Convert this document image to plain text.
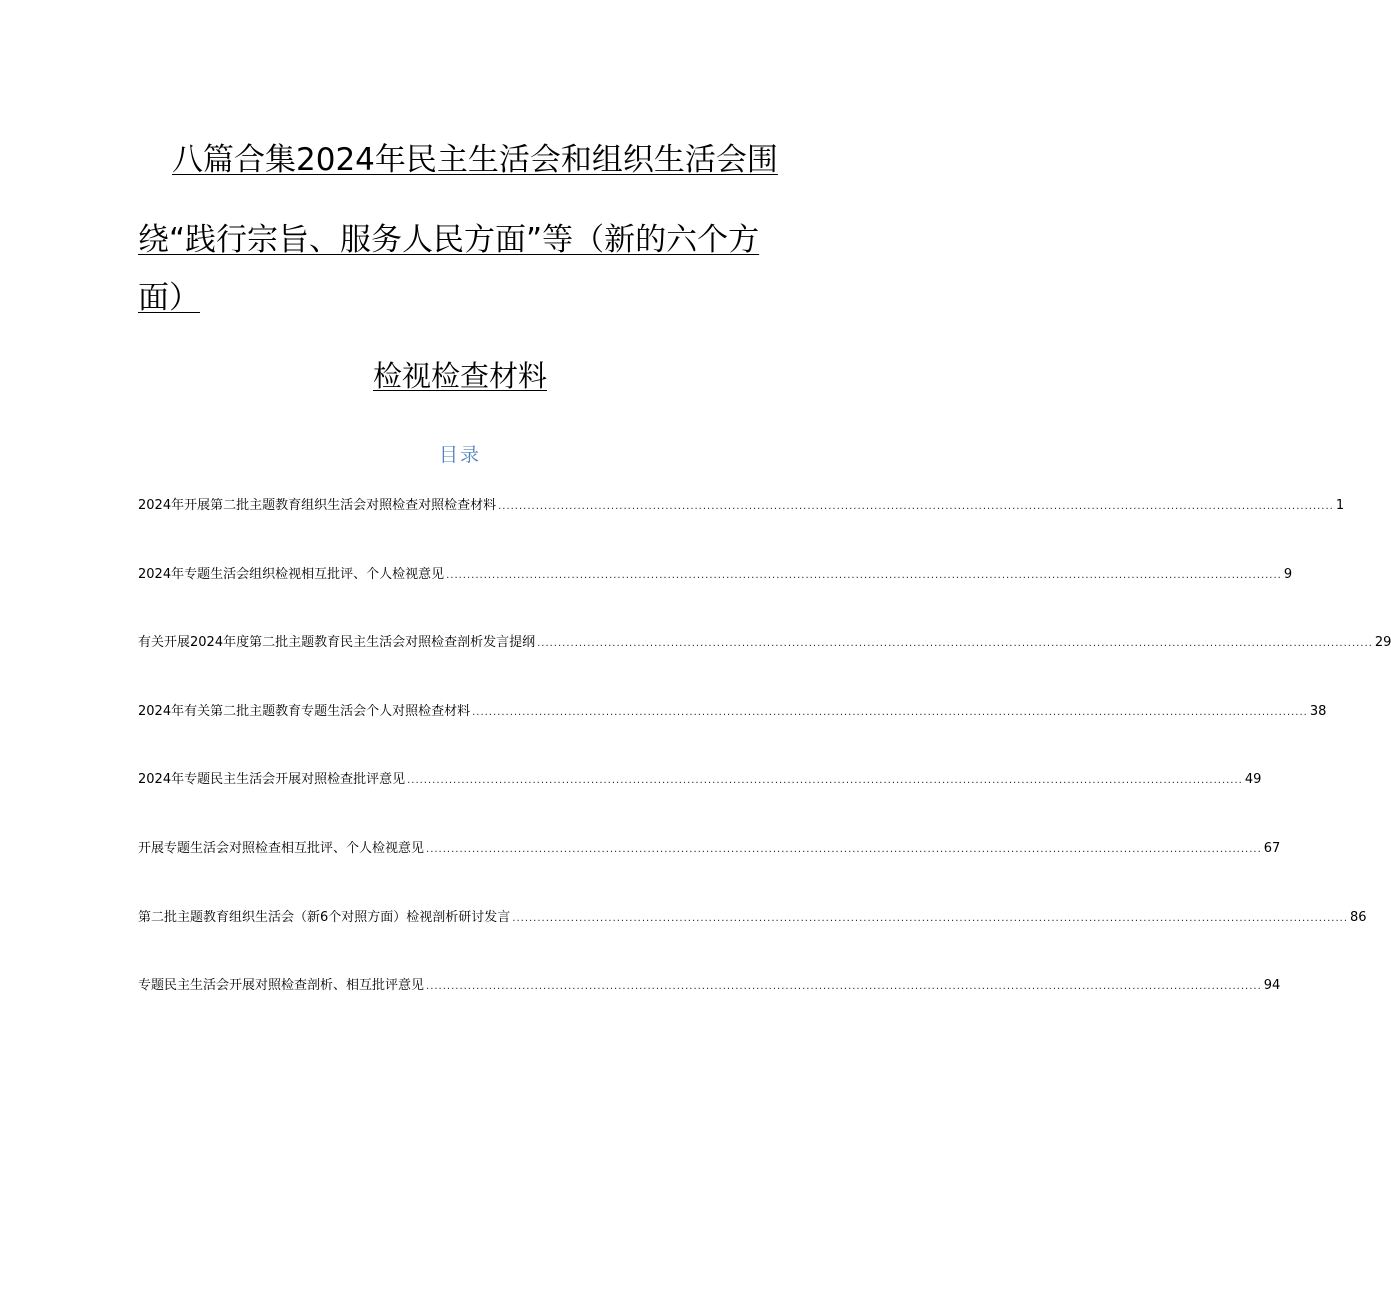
八篇合集2024年民主生活会和组织生活会围
绕“践行宗旨、服务人民方面”等（新的六个方
面）
检视检查材料
目录
2024年开展第二批主题教育组织生活会对照检查对照检查材料 ........................................................................................................................................................................................................ 1
2024年专题生活会组织检视相互批评、个人检视意见 ........................................................................................................................................................................................................ 9
有关开展2024年度第二批主题教育民主生活会对照检查剖析发言提纲 ........................................................................................................................................................................................................ 29
2024年有关第二批主题教育专题生活会个人对照检查材料 ........................................................................................................................................................................................................ 38
2024年专题民主生活会开展对照检查批评意见 ........................................................................................................................................................................................................ 49
开展专题生活会对照检查相互批评、个人检视意见 ........................................................................................................................................................................................................ 67
第二批主题教育组织生活会（新6个对照方面）检视剖析研讨发言 ........................................................................................................................................................................................................ 86
专题民主生活会开展对照检查剖析、相互批评意见 ........................................................................................................................................................................................................ 94
